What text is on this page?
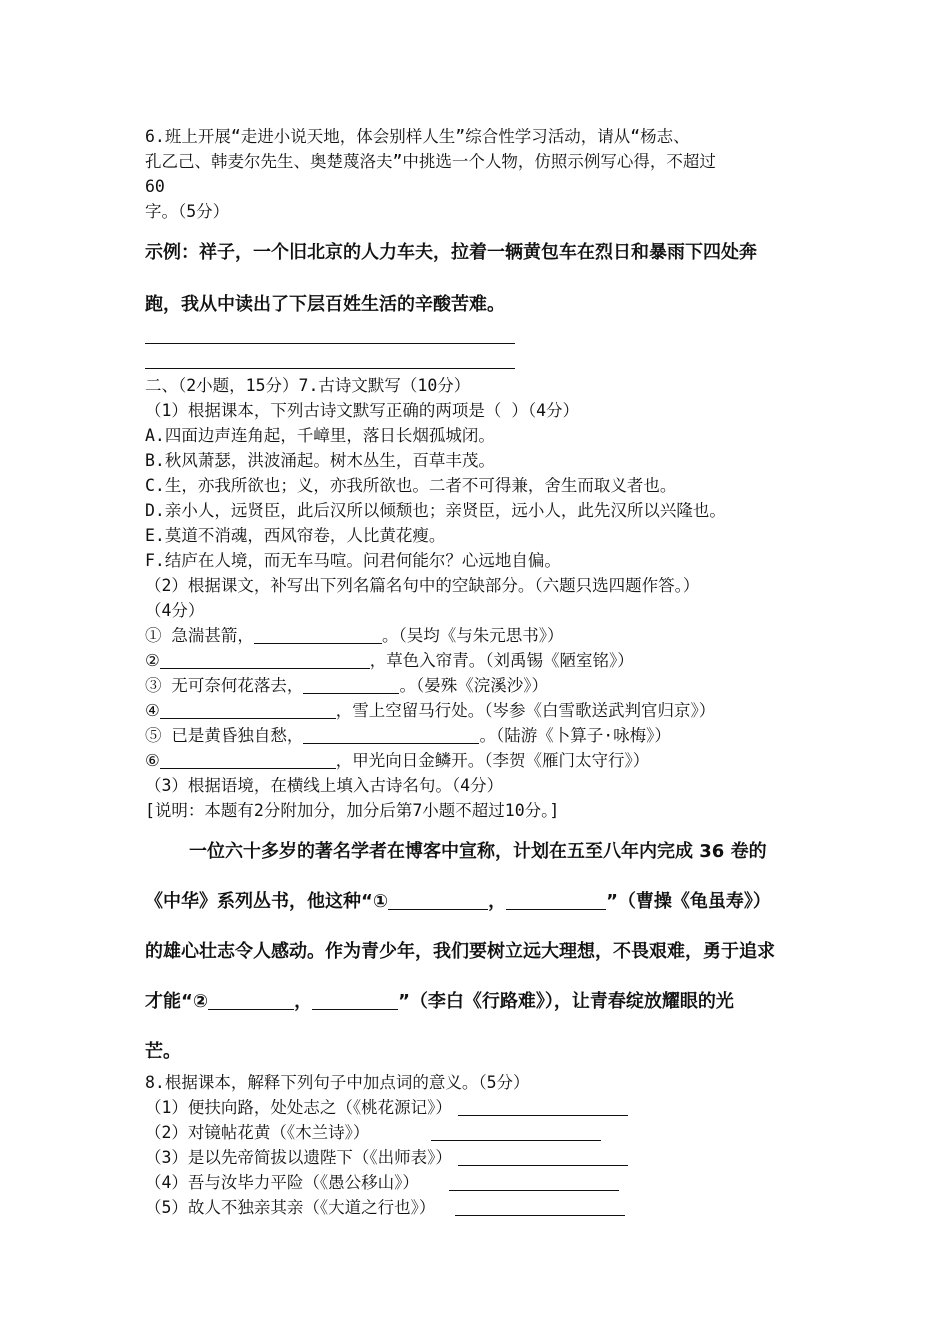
6.班上开展“走进小说天地，体会别样人生”综合性学习活动，请从“杨志、
孔乙己、韩麦尔先生、奥楚蔑洛夫”中挑选一个人物，仿照示例写心得，不超过
60
字。（5分）
示例：祥子，一个旧北京的人力车夫，拉着一辆黄包车在烈日和暴雨下四处奔
跑，我从中读出了下层百姓生活的辛酸苦难。
二、（2小题，15分）7.古诗文默写（10分）
（1）根据课本，下列古诗文默写正确的两项是（ ）（4分）
A.四面边声连角起，千嶂里，落日长烟孤城闭。
B.秋风萧瑟，洪波涌起。树木丛生，百草丰茂。
C.生，亦我所欲也；义，亦我所欲也。二者不可得兼，舍生而取义者也。
D.亲小人，远贤臣，此后汉所以倾颓也；亲贤臣，远小人，此先汉所以兴隆也。
E.莫道不消魂，西风帘卷，人比黄花瘦。
F.结庐在人境，而无车马喧。问君何能尔？心远地自偏。
（2）根据课文，补写出下列名篇名句中的空缺部分。（六题只选四题作答。）
（4分）
① 急湍甚箭，	。（吴均《与朱元思书》）
②	，草色入帘青。（刘禹锡《陋室铭》）
③ 无可奈何花落去，	。（晏殊《浣溪沙》）
④	，雪上空留马行处。（岑参《白雪歌送武判官归京》）
⑤ 已是黄昏独自愁，	。（陆游《卜算子·咏梅》）
⑥	，甲光向日金鳞开。（李贺《雁门太守行》）
（3）根据语境，在横线上填入古诗名句。（4分）
[说明：本题有2分附加分，加分后第7小题不超过10分。]
一位六十多岁的著名学者在博客中宣称，计划在五至八年内完成 36 卷的
《中华》系列丛书，他这种“①	，	”（曹操《龟虽寿》）
的雄心壮志令人感动。作为青少年，我们要树立远大理想，不畏艰难，勇于追求
才能“②	，	”（李白《行路难》），让青春绽放耀眼的光
芒。
8.根据课本，解释下列句子中加点词的意义。（5分）
（1）便扶向路，处处志之（《桃花源记》）
（2）对镜帖花黄（《木兰诗》）
（3）是以先帝简拔以遗陛下（《出师表》）
（4）吾与汝毕力平险（《愚公移山》）
（5）故人不独亲其亲（《大道之行也》）
